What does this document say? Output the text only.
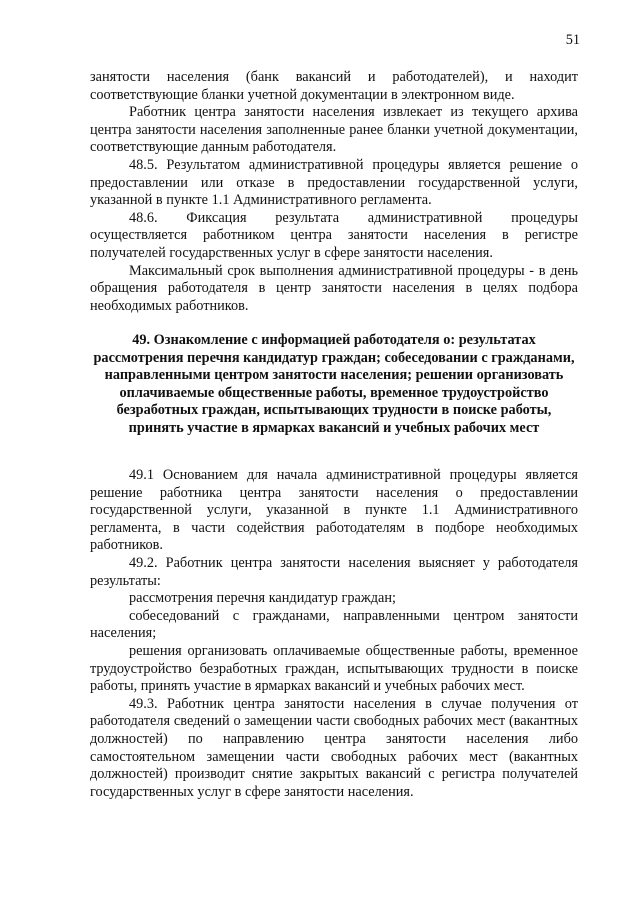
51

занятости населения (банк вакансий и работодателей), и находит соответствующие бланки учетной документации в электронном виде.

Работник центра занятости населения извлекает из текущего архива центра занятости населения заполненные ранее бланки учетной документации, соответствующие данным работодателя.

48.5. Результатом административной процедуры является решение о предоставлении или отказе в предоставлении государственной услуги, указанной в пункте 1.1 Административного регламента.

48.6. Фиксация результата административной процедуры осуществляется работником центра занятости населения в регистре получателей государственных услуг в сфере занятости населения.

Максимальный срок выполнения административной процедуры - в день обращения работодателя в центр занятости населения в целях подбора необходимых работников.

49. Ознакомление с информацией работодателя о: результатах рассмотрения перечня кандидатур граждан; собеседовании с гражданами, направленными центром занятости населения; решении организовать оплачиваемые общественные работы, временное трудоустройство безработных граждан, испытывающих трудности в поиске работы, принять участие в ярмарках вакансий и учебных рабочих мест

49.1 Основанием для начала административной процедуры является решение работника центра занятости населения о предоставлении государственной услуги, указанной в пункте 1.1 Административного регламента, в части содействия работодателям в подборе необходимых работников.

49.2. Работник центра занятости населения выясняет у работодателя результаты:

рассмотрения перечня кандидатур граждан;

собеседований с гражданами, направленными центром занятости населения;

решения организовать оплачиваемые общественные работы, временное трудоустройство безработных граждан, испытывающих трудности в поиске работы, принять участие в ярмарках вакансий и учебных рабочих мест.

49.3. Работник центра занятости населения в случае получения от работодателя сведений о замещении части свободных рабочих мест (вакантных должностей) по направлению центра занятости населения либо самостоятельном замещении части свободных рабочих мест (вакантных должностей) производит снятие закрытых вакансий с регистра получателей государственных услуг в сфере занятости населения.
